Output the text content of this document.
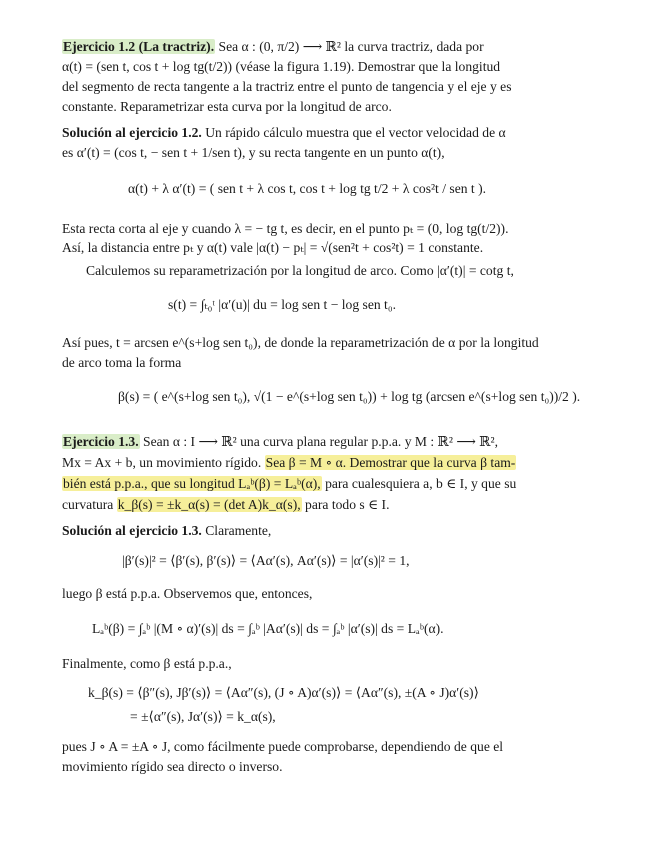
Ejercicio 1.2 (La tractriz). Sea α : (0, π/2) ⟶ ℝ² la curva tractriz, dada por
α(t) = (sen t, cos t + log tg(t/2)) (véase la figura 1.19). Demostrar que la longitud
del segmento de recta tangente a la tractriz entre el punto de tangencia y el eje y es
constante. Reparametrizar esta curva por la longitud de arco.
Solución al ejercicio 1.2. Un rápido cálculo muestra que el vector velocidad de α
es α′(t) = (cos t, − sen t + 1/sen t), y su recta tangente en un punto α(t),
α(t) + λ α′(t) = ( sen t + λ cos t, cos t + log tg t/2 + λ cos²t / sen t ).
Esta recta corta al eje y cuando λ = − tg t, es decir, en el punto pₜ = (0, log tg(t/2)).
Así, la distancia entre pₜ y α(t) vale |α(t) − pₜ| = √(sen²t + cos²t) = 1 constante.
Calculemos su reparametrización por la longitud de arco. Como |α′(t)| = cotg t,
s(t) = ∫ₜ₀ᵗ |α′(u)| du = log sen t − log sen t₀.
Así pues, t = arcsen e^(s+log sen t₀), de donde la reparametrización de α por la longitud
de arco toma la forma
β(s) = ( e^(s+log sen t₀), √(1 − e^(s+log sen t₀)) + log tg (arcsen e^(s+log sen t₀))/2 ).
Ejercicio 1.3. Sean α : I ⟶ ℝ² una curva plana regular p.p.a. y M : ℝ² ⟶ ℝ²,
Mx = Ax + b, un movimiento rígido. Sea β = M ∘ α. Demostrar que la curva β tam-
bién está p.p.a., que su longitud Lₐᵇ(β) = Lₐᵇ(α), para cualesquiera a, b ∈ I, y que su
curvatura k_β(s) = ±k_α(s) = (det A)k_α(s), para todo s ∈ I.
Solución al ejercicio 1.3. Claramente,
|β′(s)|² = ⟨β′(s), β′(s)⟩ = ⟨Aα′(s), Aα′(s)⟩ = |α′(s)|² = 1,
luego β está p.p.a. Observemos que, entonces,
Lₐᵇ(β) = ∫ₐᵇ |(M ∘ α)′(s)| ds = ∫ₐᵇ |Aα′(s)| ds = ∫ₐᵇ |α′(s)| ds = Lₐᵇ(α).
Finalmente, como β está p.p.a.,
k_β(s) = ⟨β″(s), Jβ′(s)⟩ = ⟨Aα″(s), (J ∘ A)α′(s)⟩ = ⟨Aα″(s), ±(A ∘ J)α′(s)⟩
= ±⟨α″(s), Jα′(s)⟩ = k_α(s),
pues J ∘ A = ±A ∘ J, como fácilmente puede comprobarse, dependiendo de que el
movimiento rígido sea directo o inverso.
